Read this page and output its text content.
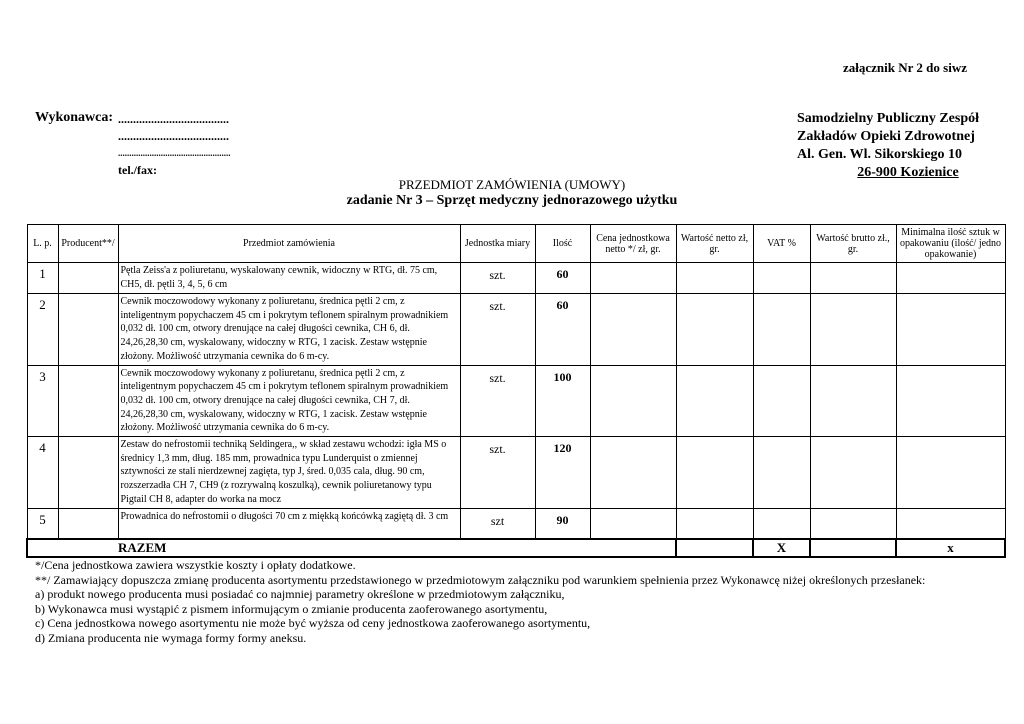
załącznik Nr 2 do siwz
Wykonawca: .....................................
.....................................
..................................................
tel./fax:
Samodzielny Publiczny Zespół
Zakładów Opieki Zdrowotnej
Al. Gen. Wl. Sikorskiego 10
26-900 Kozienice
PRZEDMIOT ZAMÓWIENIA (UMOWY)
zadanie Nr 3 – Sprzęt medyczny jednorazowego użytku
L. p.	Producent**/	Przedmiot zamówienia	Jednostka miary	Ilość	Cena jednostkowa netto */ zł, gr.	Wartość netto zł, gr.	VAT %	Wartość brutto zł., gr.	Minimalna ilość sztuk w opakowaniu (ilość/ jedno opakowanie)
1		Pętla Zeiss'a z poliuretanu, wyskalowany cewnik, widoczny w RTG, dł. 75 cm, CH5, dł. pętli 3, 4, 5, 6 cm	szt.	60					
2		Cewnik moczowodowy wykonany z poliuretanu, średnica pętli 2 cm, z inteligentnym popychaczem 45 cm i pokrytym teflonem spiralnym prowadnikiem 0,032 dł. 100 cm, otwory drenujące na całej długości cewnika, CH 6, dł. 24,26,28,30 cm, wyskalowany, widoczny w RTG, 1 zacisk. Zestaw wstępnie złożony. Możliwość utrzymania cewnika do 6 m-cy.	szt.	60					
3		Cewnik moczowodowy wykonany z poliuretanu, średnica pętli 2 cm, z inteligentnym popychaczem 45 cm i pokrytym teflonem spiralnym prowadnikiem 0,032 dł. 100 cm, otwory drenujące na całej długości cewnika, CH 7, dł. 24,26,28,30 cm, wyskalowany, widoczny w RTG, 1 zacisk. Zestaw wstępnie złożony. Możliwość utrzymania cewnika do 6 m-cy.	szt.	100					
4		Zestaw do nefrostomii techniką Seldingera,, w skład zestawu wchodzi: igła MS o średnicy 1,3 mm, dług. 185 mm, prowadnica typu Lunderquist o zmiennej sztywności ze stali nierdzewnej zagięta, typ J, śred. 0,035 cala, dług. 90 cm, rozszerzadła CH 7, CH9 (z rozrywalną koszulką), cewnik poliuretanowy typu Pigtail CH 8, adapter do worka na mocz	szt.	120					
5		Prowadnica do nefrostomii o długości 70 cm z miękką końcówką zagiętą dł. 3 cm	szt	90					
RAZEM							X		x
*/Cena jednostkowa zawiera wszystkie koszty i opłaty dodatkowe.
**/ Zamawiający dopuszcza zmianę producenta asortymentu przedstawionego w przedmiotowym załączniku pod warunkiem spełnienia przez Wykonawcę niżej określonych przesłanek:
a) produkt nowego producenta musi posiadać co najmniej parametry określone w przedmiotowym załączniku,
b) Wykonawca musi wystąpić z pismem informującym o zmianie producenta zaoferowanego asortymentu,
c) Cena jednostkowa nowego asortymentu nie może być wyższa od ceny jednostkowa zaoferowanego asortymentu,
d) Zmiana producenta nie wymaga formy formy aneksu.
